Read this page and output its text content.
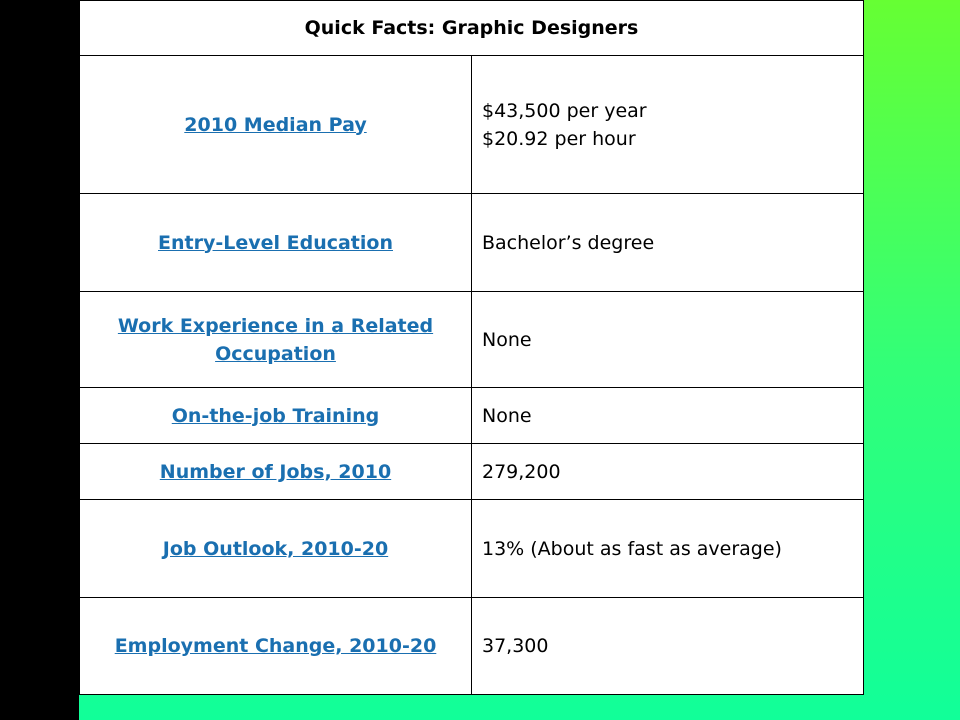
Quick Facts: Graphic Designers	
2010 Median Pay	$43,500 per year
$20.92 per hour

Entry-Level Education	Bachelor’s degree
Work Experience in a Related Occupation	None
On-the-job Training	None
Number of Jobs, 2010	279,200
Job Outlook, 2010-20	13% (About as fast as average)
Employment Change, 2010-20	37,300
